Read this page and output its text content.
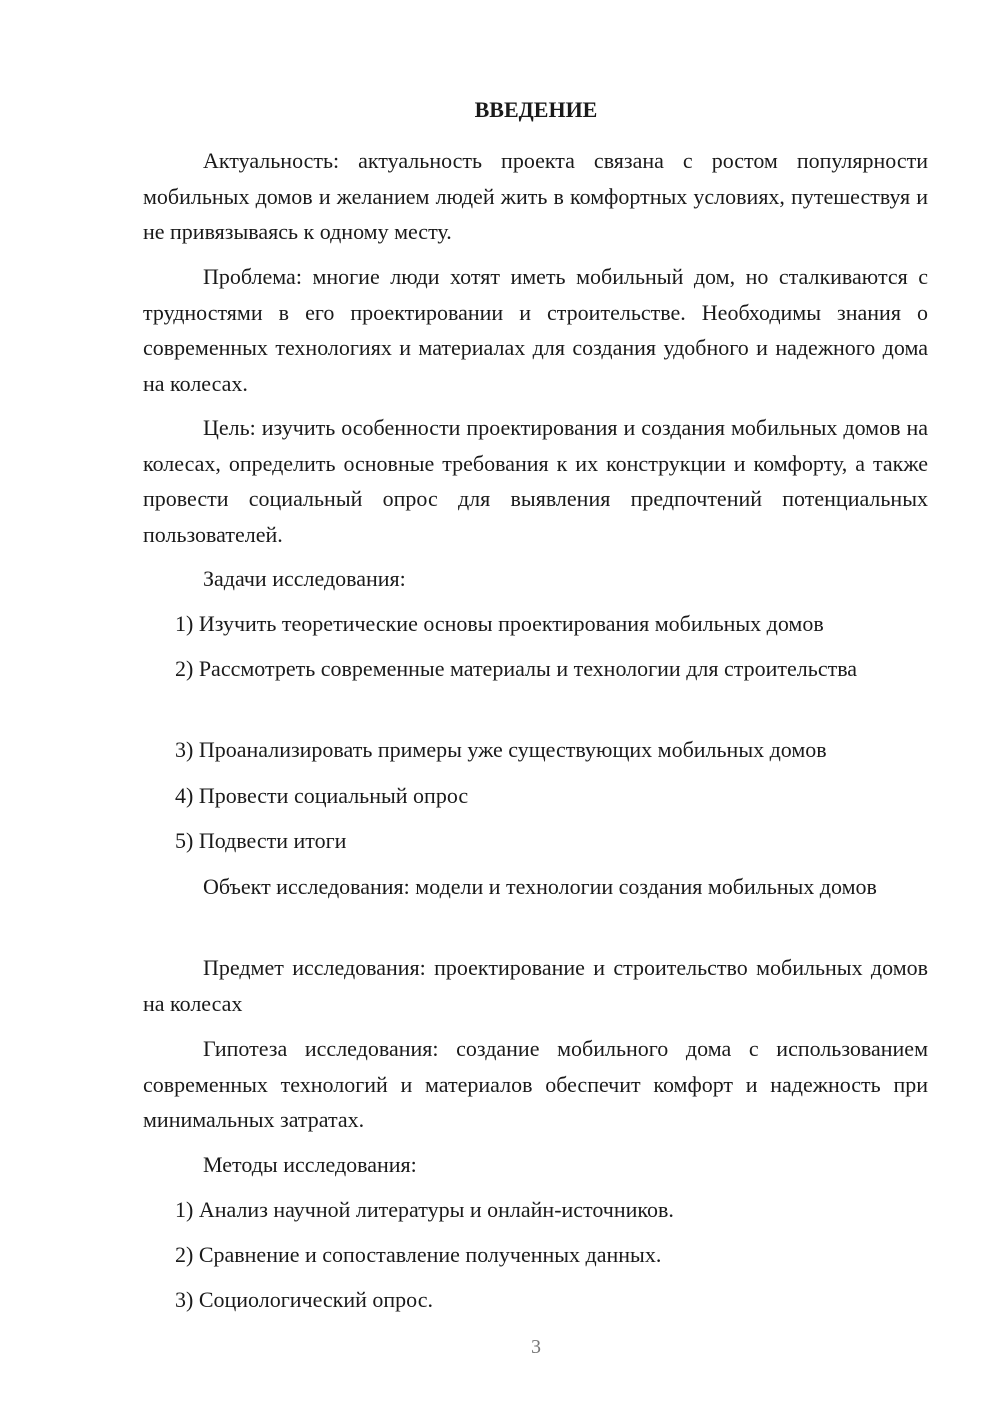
ВВЕДЕНИЕ

Актуальность: актуальность проекта связана с ростом популярности мобильных домов и желанием людей жить в комфортных условиях, путешествуя и не привязываясь к одному месту.

Проблема: многие люди хотят иметь мобильный дом, но сталкиваются с трудностями в его проектировании и строительстве. Необходимы знания о современных технологиях и материалах для создания удобного и надежного дома на колесах.

Цель: изучить особенности проектирования и создания мобильных домов на колесах, определить основные требования к их конструкции и комфорту, а также провести социальный опрос для выявления предпочтений потенциальных пользователей.

Задачи исследования:

1) Изучить теоретические основы проектирования мобильных домов

2) Рассмотреть современные материалы и технологии для строительства

3) Проанализировать примеры уже существующих мобильных домов

4) Провести социальный опрос

5) Подвести итоги

Объект исследования: модели и технологии создания мобильных домов

Предмет исследования: проектирование и строительство мобильных домов на колесах

Гипотеза исследования: создание мобильного дома с использованием современных технологий и материалов обеспечит комфорт и надежность при минимальных затратах.

Методы исследования:

1) Анализ научной литературы и онлайн-источников.

2) Сравнение и сопоставление полученных данных.

3) Социологический опрос.

3
